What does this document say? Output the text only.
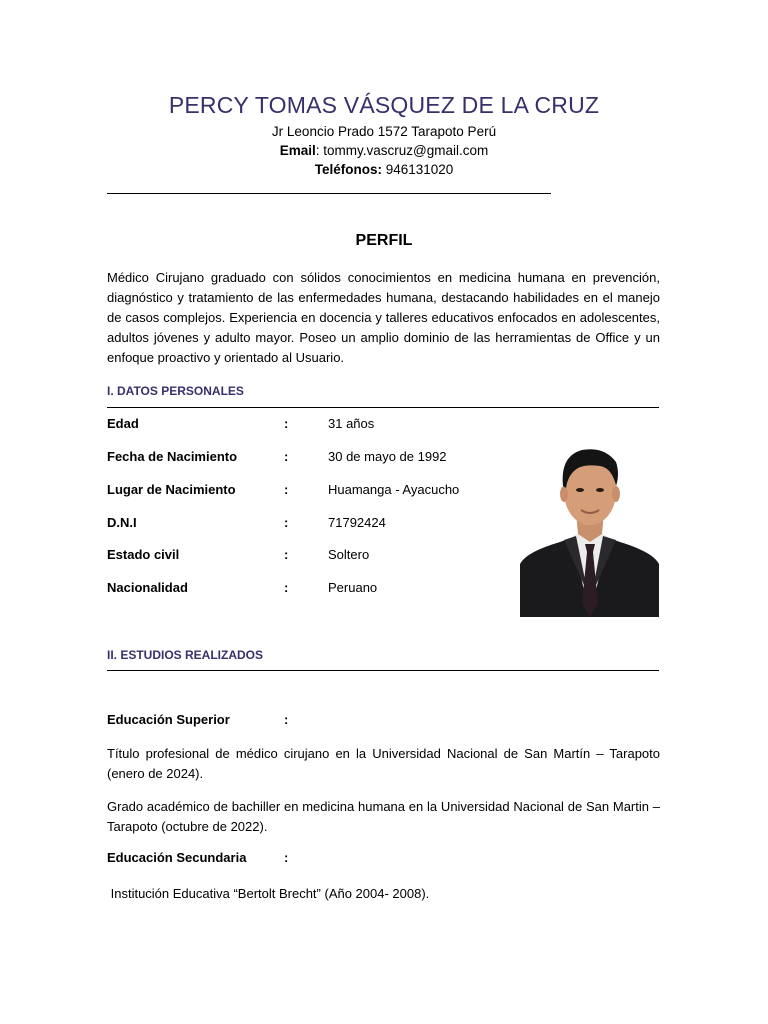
PERCY TOMAS VÁSQUEZ DE LA CRUZ
Jr Leoncio Prado 1572 Tarapoto Perú
Email: tommy.vascruz@gmail.com
Teléfonos: 946131020
PERFIL
Médico Cirujano graduado con sólidos conocimientos en medicina humana en prevención, diagnóstico y tratamiento de las enfermedades humana, destacando habilidades en el manejo de casos complejos. Experiencia en docencia y talleres educativos enfocados en adolescentes, adultos jóvenes y adulto mayor. Poseo un amplio dominio de las herramientas de Office y un enfoque proactivo y orientado al Usuario.
I. DATOS PERSONALES
Edad	:	31 años
Fecha de Nacimiento	:	30 de mayo de 1992
Lugar de Nacimiento	:	Huamanga - Ayacucho
D.N.I	:	71792424
Estado civil	:	Soltero
Nacionalidad	:	Peruano
II. ESTUDIOS REALIZADOS
Educación Superior	:
Título profesional de médico cirujano en la Universidad Nacional de San Martín – Tarapoto (enero de 2024).
Grado académico de bachiller en medicina humana en la Universidad Nacional de San Martin – Tarapoto (octubre de 2022).
Educación Secundaria	:
Institución Educativa “Bertolt Brecht” (Año 2004- 2008).
